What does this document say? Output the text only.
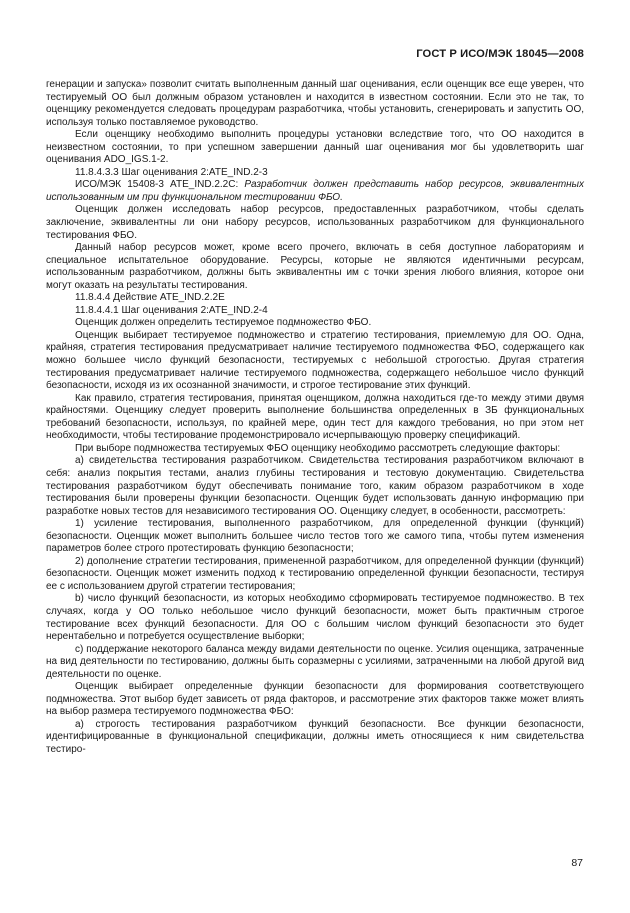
ГОСТ Р ИСО/МЭК 18045—2008

генерации и запуска» позволит считать выполненным данный шаг оценивания, если оценщик все еще уверен, что тестируемый ОО был должным образом установлен и находится в известном состоянии. Если это не так, то оценщику рекомендуется следовать процедурам разработчика, чтобы установить, сгенерировать и запустить ОО, используя только поставляемое руководство.

Если оценщику необходимо выполнить процедуры установки вследствие того, что ОО находится в неизвестном состоянии, то при успешном завершении данный шаг оценивания мог бы удовлетворить шаг оценивания ADO_IGS.1-2.

11.8.4.3.3 Шаг оценивания 2:ATE_IND.2-3

ИСО/МЭК 15408-3 ATE_IND.2.2C: Разработчик должен представить набор ресурсов, эквивалентных использованным им при функциональном тестировании ФБО.

Оценщик должен исследовать набор ресурсов, предоставленных разработчиком, чтобы сделать заключение, эквивалентны ли они набору ресурсов, использованных разработчиком для функционального тестирования ФБО.

Данный набор ресурсов может, кроме всего прочего, включать в себя доступное лабораториям и специальное испытательное оборудование. Ресурсы, которые не являются идентичными ресурсам, использованным разработчиком, должны быть эквивалентны им с точки зрения любого влияния, которое они могут оказать на результаты тестирования.

11.8.4.4 Действие ATE_IND.2.2E

11.8.4.4.1 Шаг оценивания 2:ATE_IND.2-4

Оценщик должен определить тестируемое подмножество ФБО.

Оценщик выбирает тестируемое подмножество и стратегию тестирования, приемлемую для ОО. Одна, крайняя, стратегия тестирования предусматривает наличие тестируемого подмножества ФБО, содержащего как можно большее число функций безопасности, тестируемых с небольшой строгостью. Другая стратегия тестирования предусматривает наличие тестируемого подмножества, содержащего небольшое число функций безопасности, исходя из их осознанной значимости, и строгое тестирование этих функций.

Как правило, стратегия тестирования, принятая оценщиком, должна находиться где-то между этими двумя крайностями. Оценщику следует проверить выполнение большинства определенных в ЗБ функциональных требований безопасности, используя, по крайней мере, один тест для каждого требования, но при этом нет необходимости, чтобы тестирование продемонстрировало исчерпывающую проверку спецификаций.

При выборе подмножества тестируемых ФБО оценщику необходимо рассмотреть следующие факторы:

а) свидетельства тестирования разработчиком. Свидетельства тестирования разработчиком включают в себя: анализ покрытия тестами, анализ глубины тестирования и тестовую документацию. Свидетельства тестирования разработчиком будут обеспечивать понимание того, каким образом разработчиком в ходе тестирования были проверены функции безопасности. Оценщик будет использовать данную информацию при разработке новых тестов для независимого тестирования ОО. Оценщику следует, в особенности, рассмотреть:

1) усиление тестирования, выполненного разработчиком, для определенной функции (функций) безопасности. Оценщик может выполнить большее число тестов того же самого типа, чтобы путем изменения параметров более строго протестировать функцию безопасности;

2) дополнение стратегии тестирования, примененной разработчиком, для определенной функции (функций) безопасности. Оценщик может изменить подход к тестированию определенной функции безопасности, тестируя ее с использованием другой стратегии тестирования;

b) число функций безопасности, из которых необходимо сформировать тестируемое подмножество. В тех случаях, когда у ОО только небольшое число функций безопасности, может быть практичным строгое тестирование всех функций безопасности. Для ОО с большим числом функций безопасности это будет нерентабельно и потребуется осуществление выборки;

c) поддержание некоторого баланса между видами деятельности по оценке. Усилия оценщика, затраченные на вид деятельности по тестированию, должны быть соразмерны с усилиями, затраченными на любой другой вид деятельности по оценке.

Оценщик выбирает определенные функции безопасности для формирования соответствующего подмножества. Этот выбор будет зависеть от ряда факторов, и рассмотрение этих факторов также может влиять на выбор размера тестируемого подмножества ФБО:

а) строгость тестирования разработчиком функций безопасности. Все функции безопасности, идентифицированные в функциональной спецификации, должны иметь относящиеся к ним свидетельства тестиро-

87
